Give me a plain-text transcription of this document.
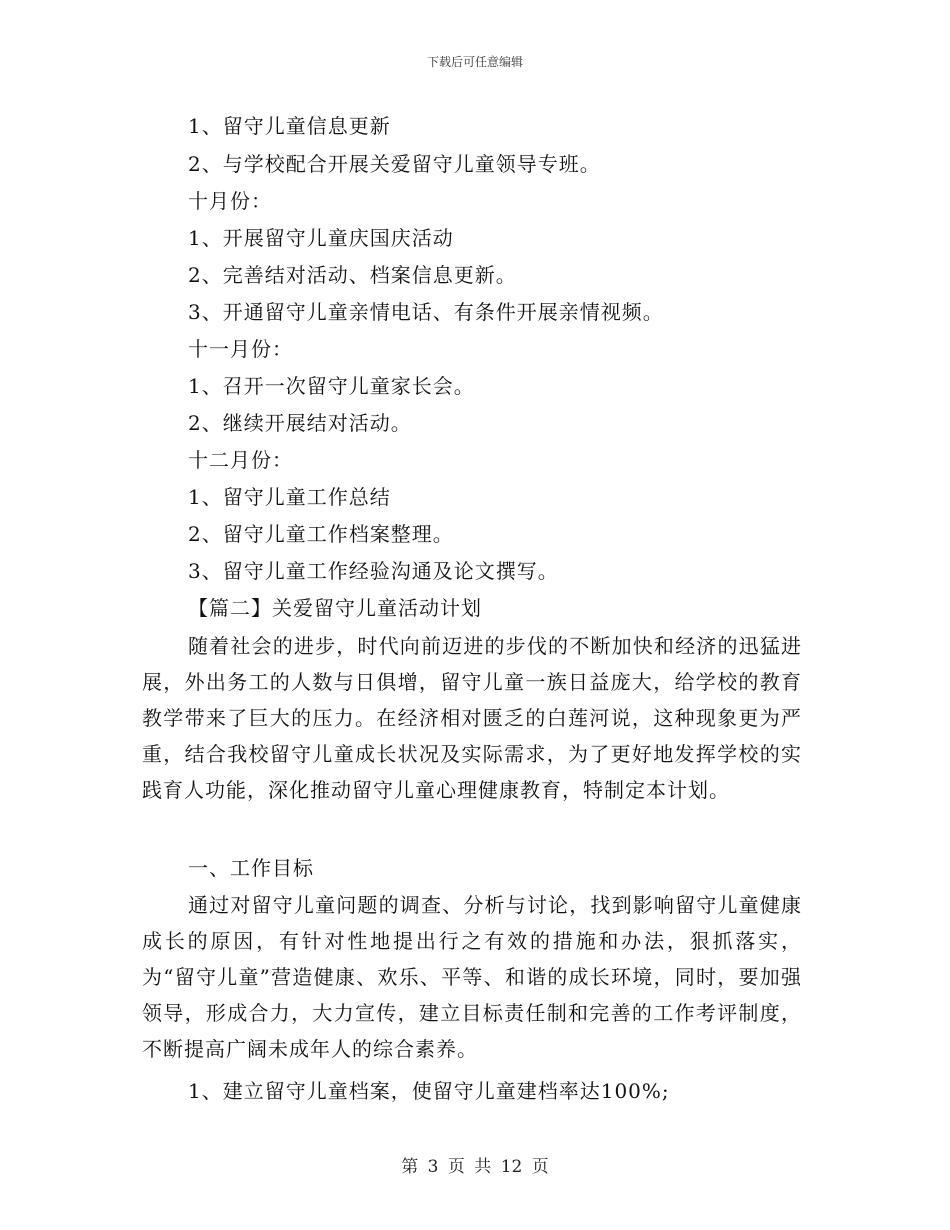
下载后可任意编辑
1、留守儿童信息更新
2、与学校配合开展关爱留守儿童领导专班。
十月份：
1、开展留守儿童庆国庆活动
2、完善结对活动、档案信息更新。
3、开通留守儿童亲情电话、有条件开展亲情视频。
十一月份：
1、召开一次留守儿童家长会。
2、继续开展结对活动。
十二月份：
1、留守儿童工作总结
2、留守儿童工作档案整理。
3、留守儿童工作经验沟通及论文撰写。
【篇二】关爱留守儿童活动计划
随着社会的进步，时代向前迈进的步伐的不断加快和经济的迅猛进展，外出务工的人数与日俱增，留守儿童一族日益庞大，给学校的教育教学带来了巨大的压力。在经济相对匮乏的白莲河说，这种现象更为严重，结合我校留守儿童成长状况及实际需求，为了更好地发挥学校的实践育人功能，深化推动留守儿童心理健康教育，特制定本计划。
一、工作目标
通过对留守儿童问题的调查、分析与讨论，找到影响留守儿童健康成长的原因，有针对性地提出行之有效的措施和办法，狠抓落实，为“留守儿童”营造健康、欢乐、平等、和谐的成长环境，同时，要加强领导，形成合力，大力宣传，建立目标责任制和完善的工作考评制度，不断提高广阔未成年人的综合素养。
1、建立留守儿童档案，使留守儿童建档率达100%;
第 3 页 共 12 页
